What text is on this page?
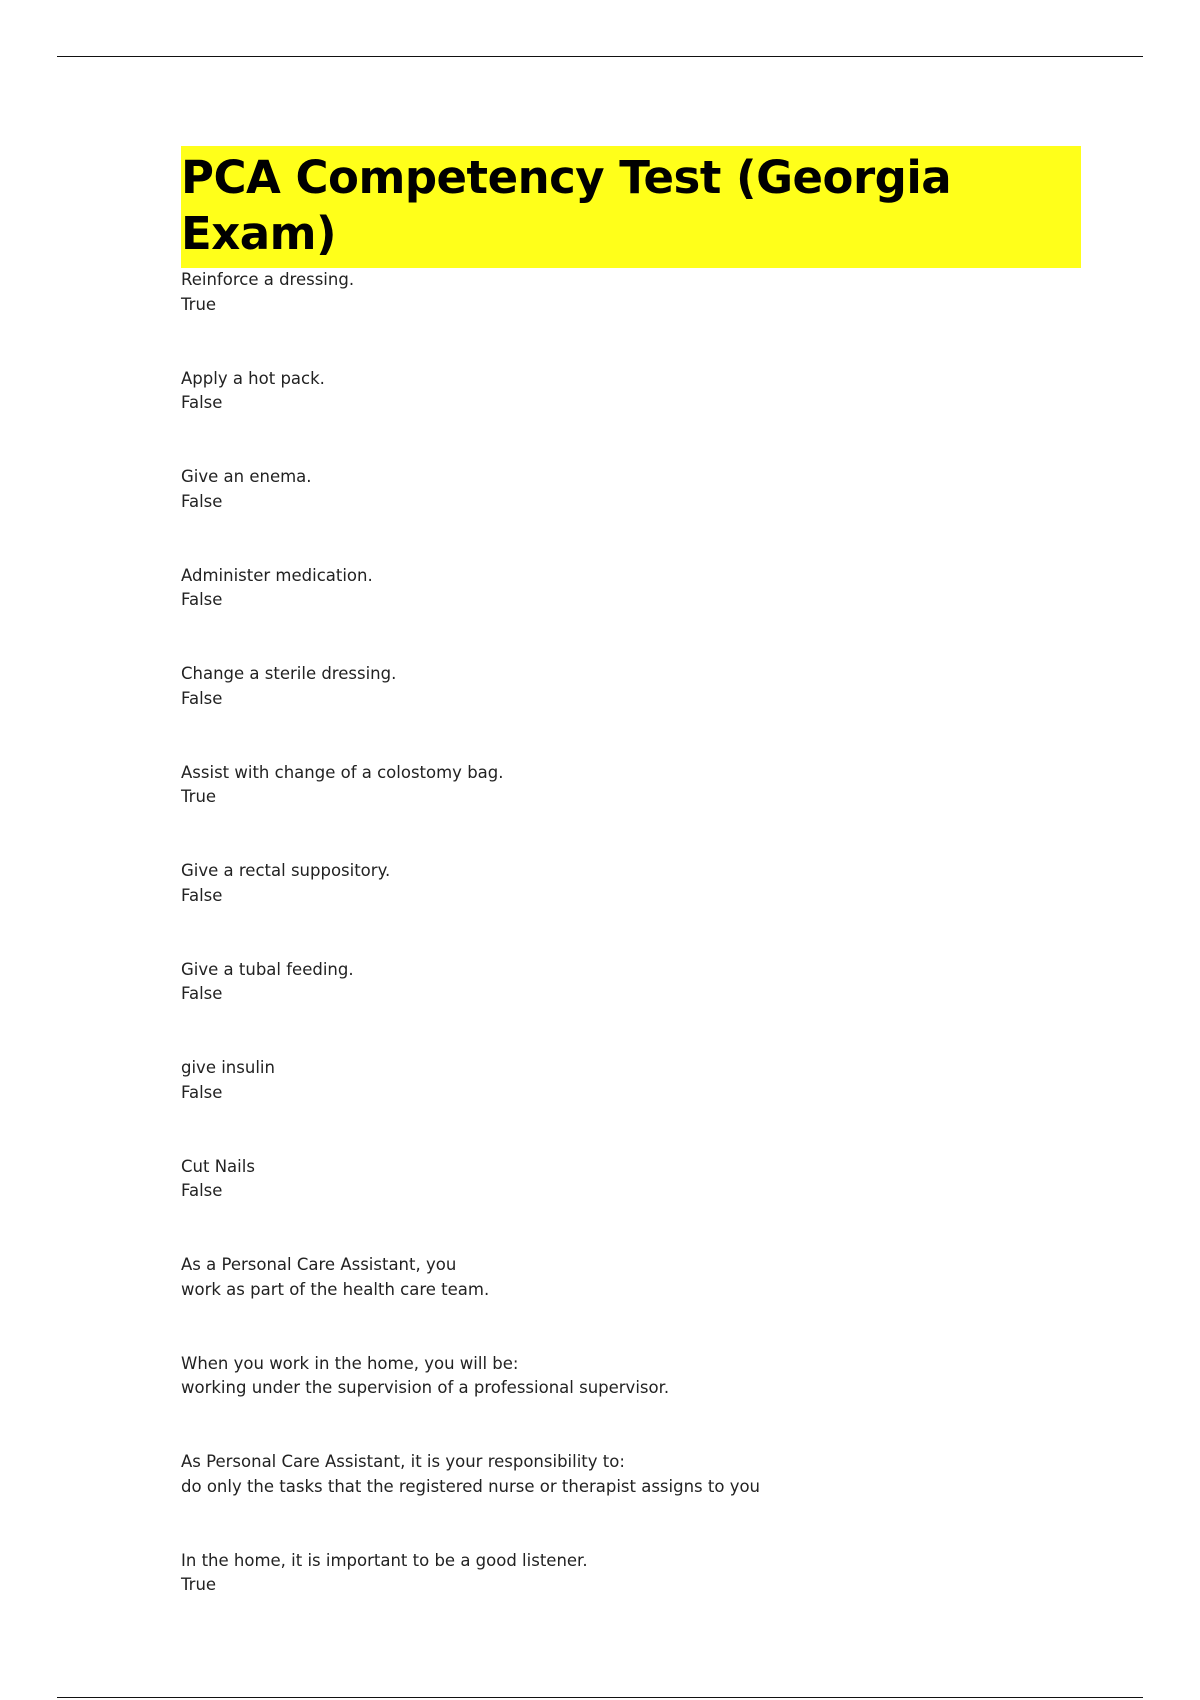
PCA Competency Test (Georgia Exam)
Reinforce a dressing.
True
Apply a hot pack.
False
Give an enema.
False
Administer medication.
False
Change a sterile dressing.
False
Assist with change of a colostomy bag.
True
Give a rectal suppository.
False
Give a tubal feeding.
False
give insulin
False
Cut Nails
False
As a Personal Care Assistant, you
work as part of the health care team.
When you work in the home, you will be:
working under the supervision of a professional supervisor.
As Personal Care Assistant, it is your responsibility to:
do only the tasks that the registered nurse or therapist assigns to you
In the home, it is important to be a good listener.
True
